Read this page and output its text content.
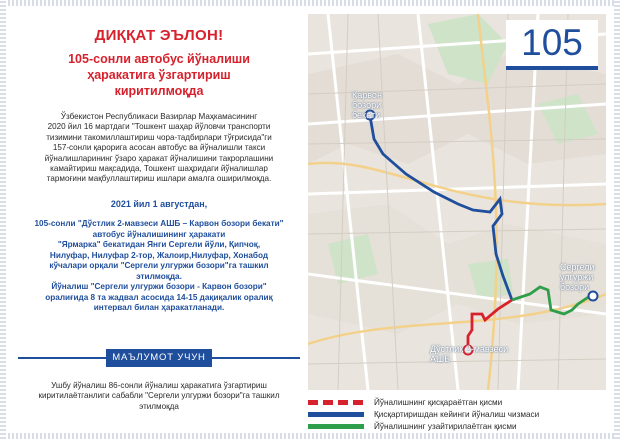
ДИҚҚАТ ЭЪЛОН!
105-сонли автобус йўналиши
ҳаракатига ўзгартириш
киритилмоқда
Ўзбекистон Республикаси Вазирлар Маҳкамасининг
2020 йил 16 мартдаги "Тошкент шаҳар йўловчи транспорти
тизимини такомиллаштириш чора-тадбирлари тўғрисида"ги
157-сонли қарорига асосан автобус ва йўналишли такси
йўналишларининг ўзаро ҳаракат йўналишини такрорлашини
камайтириш мақсадида, Тошкент шаҳридаги йўналишлар
тармоғини мақбуллаштириш ишлари амалга оширилмоқда.
2021 йил 1 августдан,
105-сонли "Дўстлик 2-мавзеси АШБ – Карвон бозори бекати"
автобус йўналишининг ҳаракати
"Ярмарка" бекатидан Янги Сергели йўли, Қипчоқ,
Нилуфар, Нилуфар 2-тор, Жалоир,Нилуфар, Хонабод
кўчалари орқали "Сергели улгуржи бозори"га ташкил
этилмоқда.
Йўналиш "Сергели улгуржи бозори - Карвон бозори"
оралиғида 8 та жадвал асосида 14-15 дақиқалик оралиқ
интервал билан ҳаракатланади.
МАЪЛУМОТ УЧУН
Ушбу йўналиш 86-сонли йўналиш ҳаракатига ўзгартириш
киритилаётганлиги сабабли "Сергели улгуржи бозори"га ташкил
этилмоқда
Карвон
бозори
бекати
Сергели
улгуржи
бозори
Дўстлик 2-мавзеси
АШБ
105
Йўналишнинг қисқараётган қисми
Қисқартиришдан кейинги йўналиш чизмаси
Йўналишнинг узайтирилаётган қисми
